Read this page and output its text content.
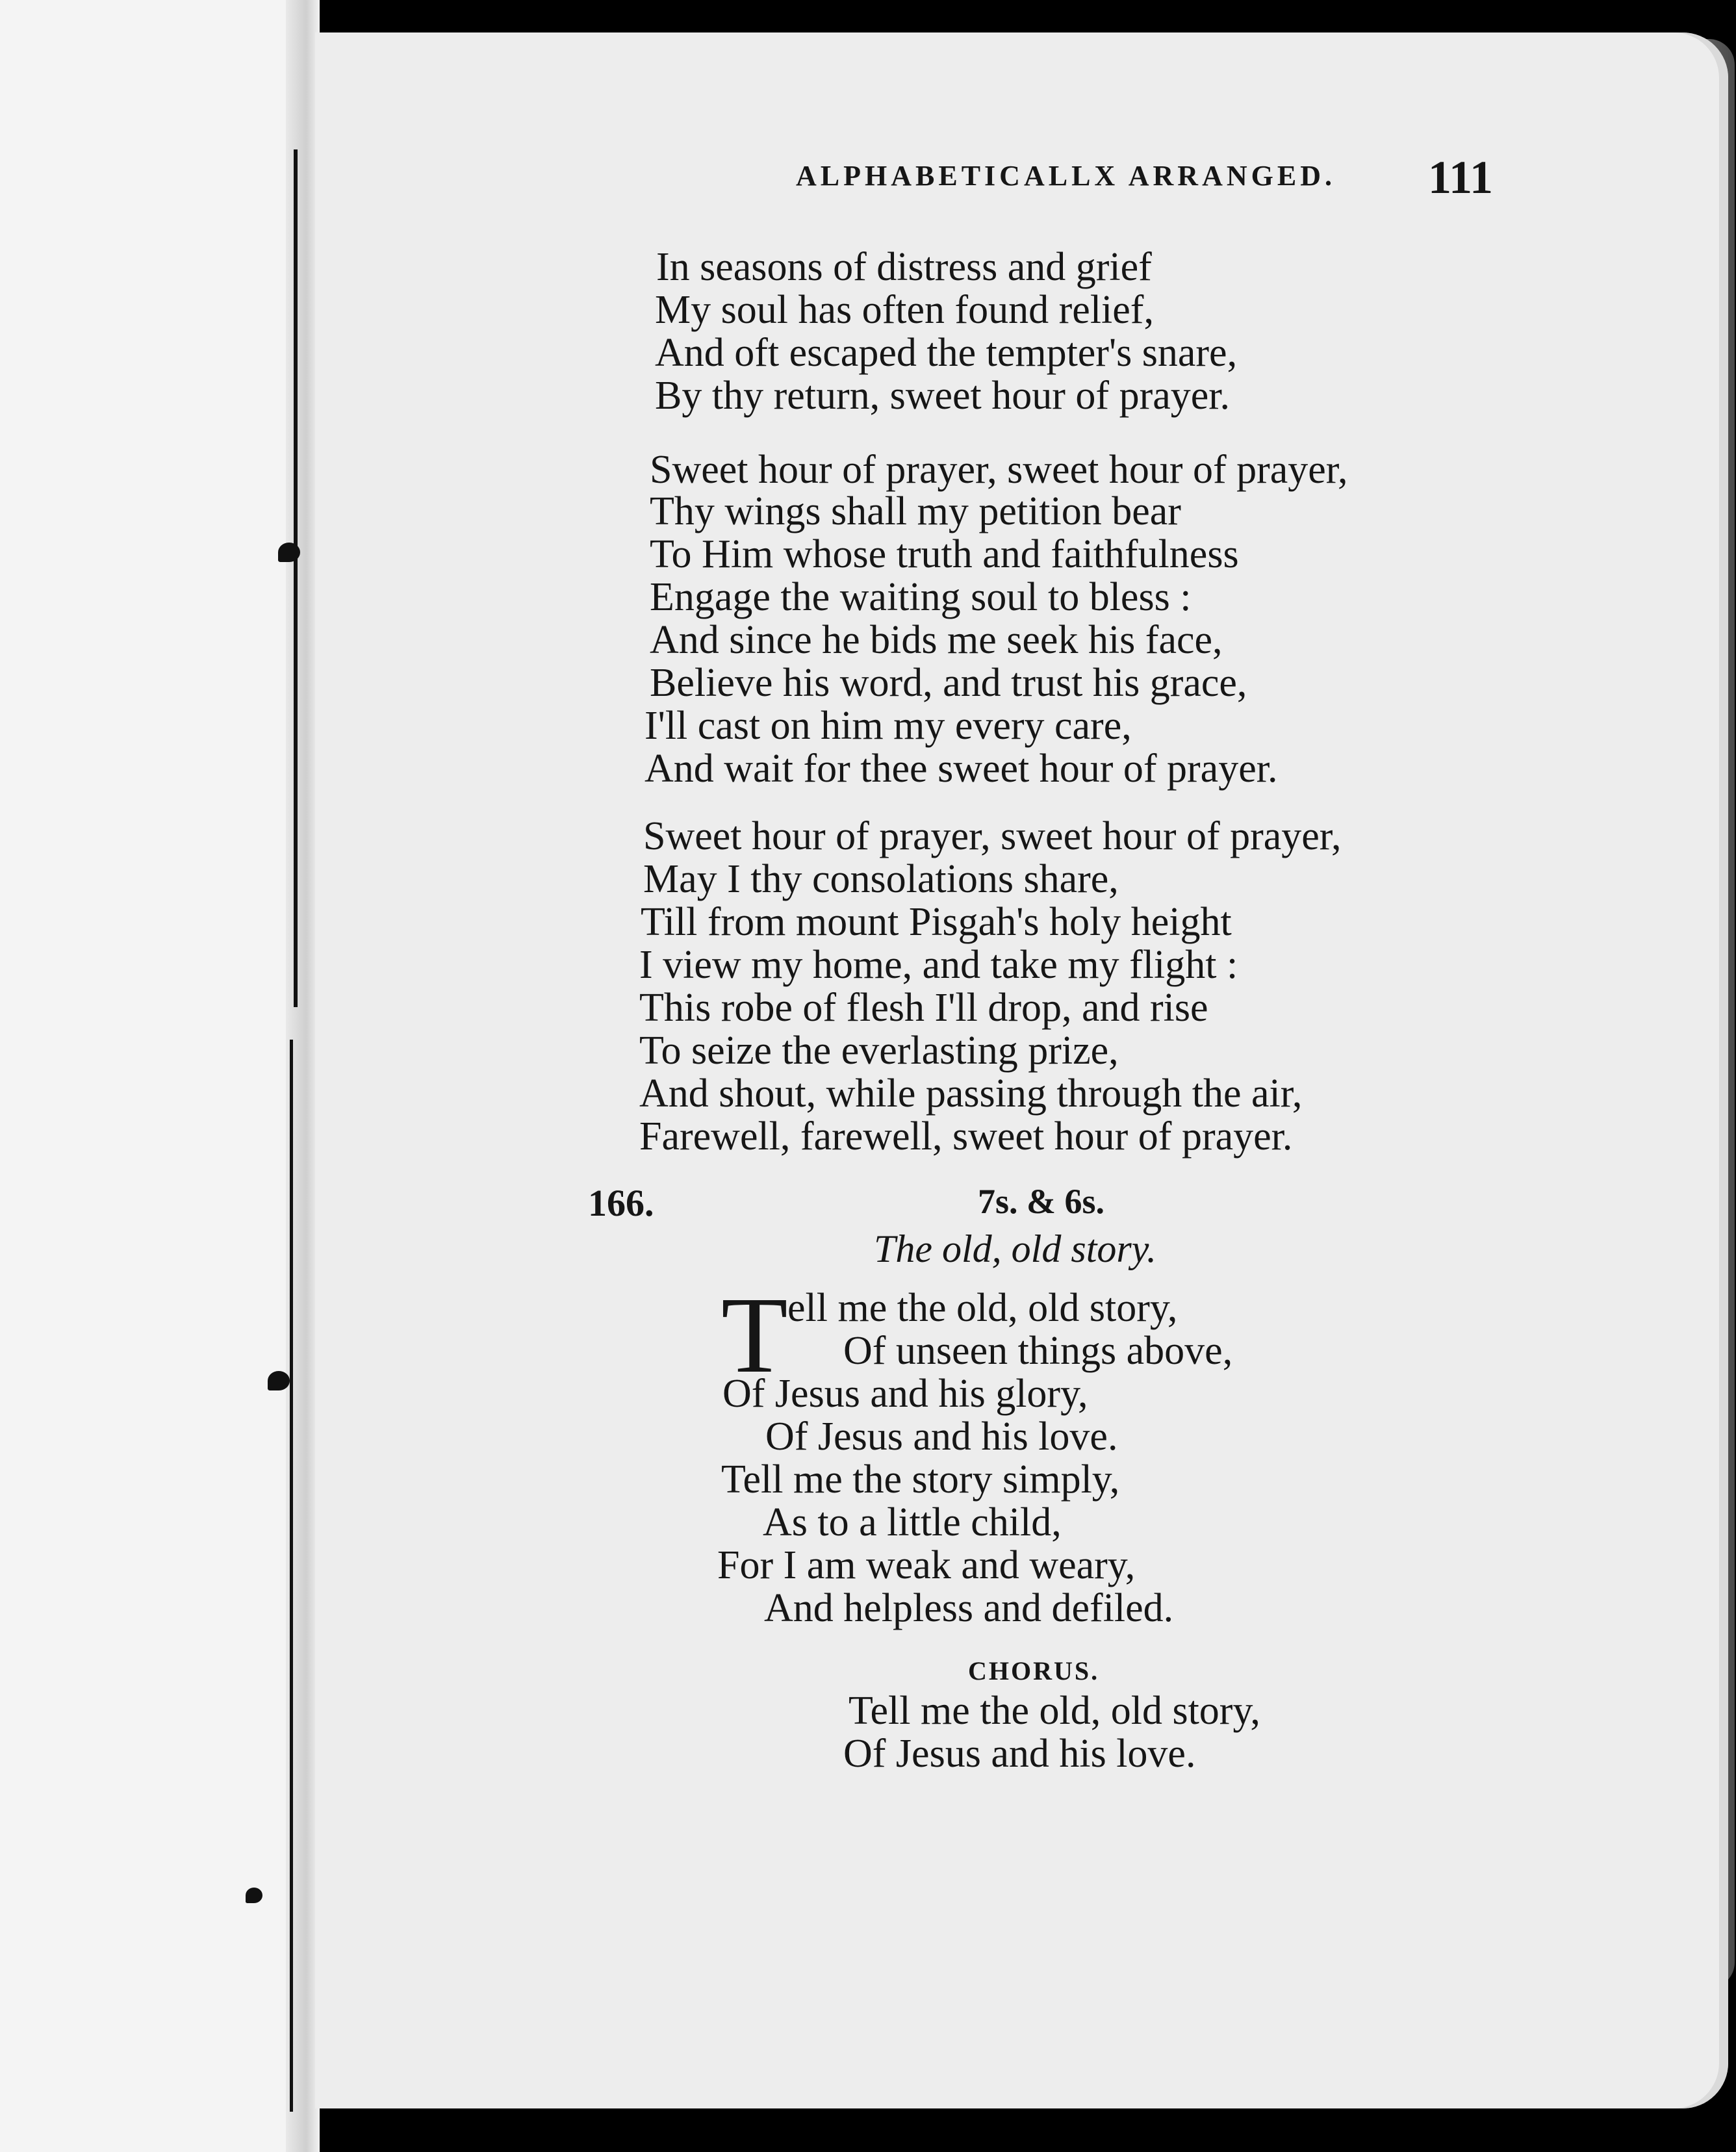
ALPHABETICALLX ARRANGED. 111
In seasons of distress and grief
My soul has often found relief,
And oft escaped the tempter's snare,
By thy return, sweet hour of prayer.
Sweet hour of prayer, sweet hour of prayer,
Thy wings shall my petition bear
To Him whose truth and faithfulness
Engage the waiting soul to bless :
And since he bids me seek his face,
Believe his word, and trust his grace,
I'll cast on him my every care,
And wait for thee sweet hour of prayer.
Sweet hour of prayer, sweet hour of prayer,
May I thy consolations share,
Till from mount Pisgah's holy height
I view my home, and take my flight :
This robe of flesh I'll drop, and rise
To seize the everlasting prize,
And shout, while passing through the air,
Farewell, farewell, sweet hour of prayer.
166.	7s. & 6s.
The old, old story.
T ell me the old, old story,
Of unseen things above,
Of Jesus and his glory,
Of Jesus and his love.
Tell me the story simply,
As to a little child,
For I am weak and weary,
And helpless and defiled.
CHORUS.
Tell me the old, old story,
Of Jesus and his love.
